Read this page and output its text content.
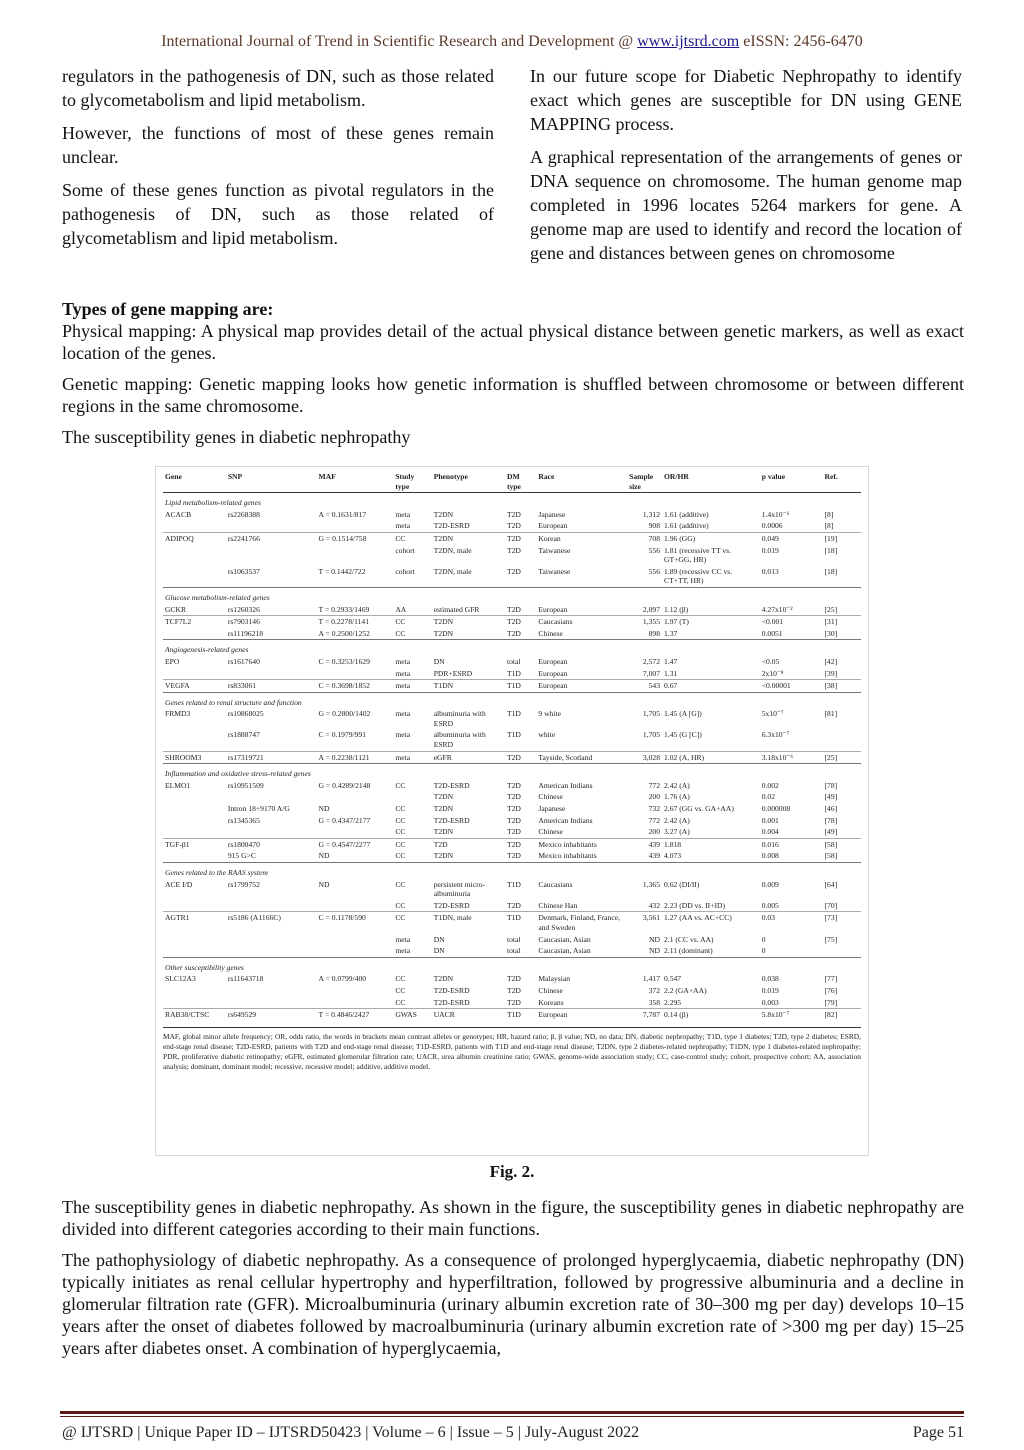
International Journal of Trend in Scientific Research and Development @ www.ijtsrd.com eISSN: 2456-6470

regulators in the pathogenesis of DN, such as those related to glycometabolism and lipid metabolism.

However, the functions of most of these genes remain unclear.

Some of these genes function as pivotal regulators in the pathogenesis of DN, such as those related of glycometablism and lipid metabolism.

In our future scope for Diabetic Nephropathy to identify exact which genes are susceptible for DN using GENE MAPPING process.

A graphical representation of the arrangements of genes or DNA sequence on chromosome. The human genome map completed in 1996 locates 5264 markers for gene. A genome map are used to identify and record the location of gene and distances between genes on chromosome

Types of gene mapping are:

Physical mapping: A physical map provides detail of the actual physical distance between genetic markers, as well as exact location of the genes.

Genetic mapping: Genetic mapping looks how genetic information is shuffled between chromosome or between different regions in the same chromosome.

The susceptibility genes in diabetic nephropathy

Gene	SNP	MAF	Study type	Phenotype	DM type	Race	Sample size	OR/HR	p value	Ref.
Lipid metabolism-related genes										
ACACB	rs2268388	A = 0.1631/817	meta	T2DN	T2D	Japanese	1,312	1.61 (additive)	1.4x10⁻⁶	[8]
			meta	T2D-ESRD	T2D	European	908	1.61 (additive)	0.0006	[8]
ADIPOQ	rs2241766	G = 0.1514/758	CC	T2DN	T2D	Korean	708	1.96 (GG)	0.049	[19]
			cohort	T2DN, male	T2D	Taiwanese	556	1.81 (recessive TT vs. GT+GG, HR)	0.019	[18]
	rs1063537	T = 0.1442/722	cohort	T2DN, male	T2D	Taiwanese	556	1.89 (recessive CC vs. CT+TT, HR)	0.013	[18]
Glucose metabolism-related genes										
GCKR	rs1260326	T = 0.2933/1469	AA	estimated GFR	T2D	European	2,097	1.12 (β)	4.27x10⁻²	[25]
TCF7L2	rs7903146	T = 0.2278/1141	CC	T2DN	T2D	Caucasians	1,355	1.97 (T)	<0.001	[31]
	rs11196218	A = 0.2500/1252	CC	T2DN	T2D	Chinese	898	1.37	0.0051	[30]
Angiogenesis-related genes										
EPO	rs1617640	C = 0.3253/1629	meta	DN	total	European	2,572	1.47	<0.05	[42]
			meta	PDR+ESRD	T1D	European	7,007	1.31	2x10⁻⁸	[39]
VEGFA	rs833061	C = 0.3698/1852	meta	T1DN	T1D	European	543	0.67	<0.00001	[38]
Genes related to renal structure and function										
FRMD3	rs10868025	G = 0.2800/1402	meta	albuminuria with ESRD	T1D	9 white	1,705	1.45 (A [G])	5x10⁻⁷	[81]
	rs1888747	C = 0.1979/991	meta	albuminuria with ESRD	T1D	white	1,705	1.45 (G [C])	6.3x10⁻⁷	
SHROOM3	rs17319721	A = 0.2238/1121	meta	eGFR	T2D	Tayside, Scotland	3,028	1.02 (A, HR)	3.18x10⁻⁶	[25]
Inflammation and oxidative stress-related genes										
ELMO1	rs10951509	G = 0.4289/2148	CC	T2D-ESRD	T2D	American Indians	772	2.42 (A)	0.002	[78]
				T2DN	T2D	Chinese	200	1.76 (A)	0.02	[49]
	Intron 18+9170 A/G	ND	CC	T2DN	T2D	Japanese	732	2.67 (GG vs. GA+AA)	0.000008	[46]
	rs1345365	G = 0.4347/2177	CC	T2D-ESRD	T2D	American Indians	772	2.42 (A)	0.001	[78]
			CC	T2DN	T2D	Chinese	200	3.27 (A)	0.004	[49]
TGF-β1	rs1800470	G = 0.4547/2277	CC	T2D	T2D	Mexico inhabitants	439	1.818	0.016	[58]
	915 G>C	ND	CC	T2DN	T2D	Mexico inhabitants	439	4.073	0.008	[58]
Genes related to the RAAS system										
ACE I/D	rs1799752	ND	CC	persistent micro-albuminuria	T1D	Caucasians	1,365	0.62 (DI/II)	0.009	[64]
			CC	T2D-ESRD	T2D	Chinese Han	432	2.23 (DD vs. II+ID)	0.005	[70]
AGTR1	rs5186 (A1166C)	C = 0.1178/590	CC	T1DN, male	T1D	Denmark, Finland, France, and Sweden	3,561	1.27 (AA vs. AC+CC)	0.03	[73]
			meta	DN	total	Caucasian, Asian	ND	2.1 (CC vs. AA)	0	[75]
			meta	DN	total	Caucasian, Asian	ND	2.11 (dominant)	0	
Other susceptibility genes										
SLC12A3	rs11643718	A = 0.0799/400	CC	T2DN	T2D	Malaysian	1,417	0.547	0.038	[77]
			CC	T2D-ESRD	T2D	Chinese	372	2.2 (GA+AA)	0.019	[76]
			CC	T2D-ESRD	T2D	Koreans	358	2.295	0.003	[79]
RAB38/CTSC	rs649529	T = 0.4846/2427	GWAS	UACR	T1D	European	7,787	0.14 (β)	5.8x10⁻⁷	[82]
MAF, global minor allele frequency; OR, odds ratio, the words in brackets mean contrast alleles or genotypes; HR, hazard ratio; β, β value; ND, no data; DN, diabetic nephropathy; T1D, type 1 diabetes; T2D, type 2 diabetes; ESRD, end-stage renal disease; T2D-ESRD, patients with T2D and end-stage renal disease; T1D-ESRD, patients with T1D and end-stage renal disease; T2DN, type 2 diabetes-related nephropathy; T1DN, type 1 diabetes-related nephropathy; PDR, proliferative diabetic retinopathy; eGFR, estimated glomerular filtration rate; UACR, urea albumin creatinine ratio; GWAS, genome-wide association study; CC, case-control study; cohort, prospective cohort; AA, association analysis; dominant, dominant model; recessive, recessive model; additive, additive model.
Fig. 2.

The susceptibility genes in diabetic nephropathy. As shown in the figure, the susceptibility genes in diabetic nephropathy are divided into different categories according to their main functions.

The pathophysiology of diabetic nephropathy. As a consequence of prolonged hyperglycaemia, diabetic nephropathy (DN) typically initiates as renal cellular hypertrophy and hyperfiltration, followed by progressive albuminuria and a decline in glomerular filtration rate (GFR). Microalbuminuria (urinary albumin excretion rate of 30–300 mg per day) develops 10–15 years after the onset of diabetes followed by macroalbuminuria (urinary albumin excretion rate of >300 mg per day) 15–25 years after diabetes onset. A combination of hyperglycaemia,

@ IJTSRD | Unique Paper ID – IJTSRD50423 | Volume – 6 | Issue – 5 | July-August 2022	Page 51
